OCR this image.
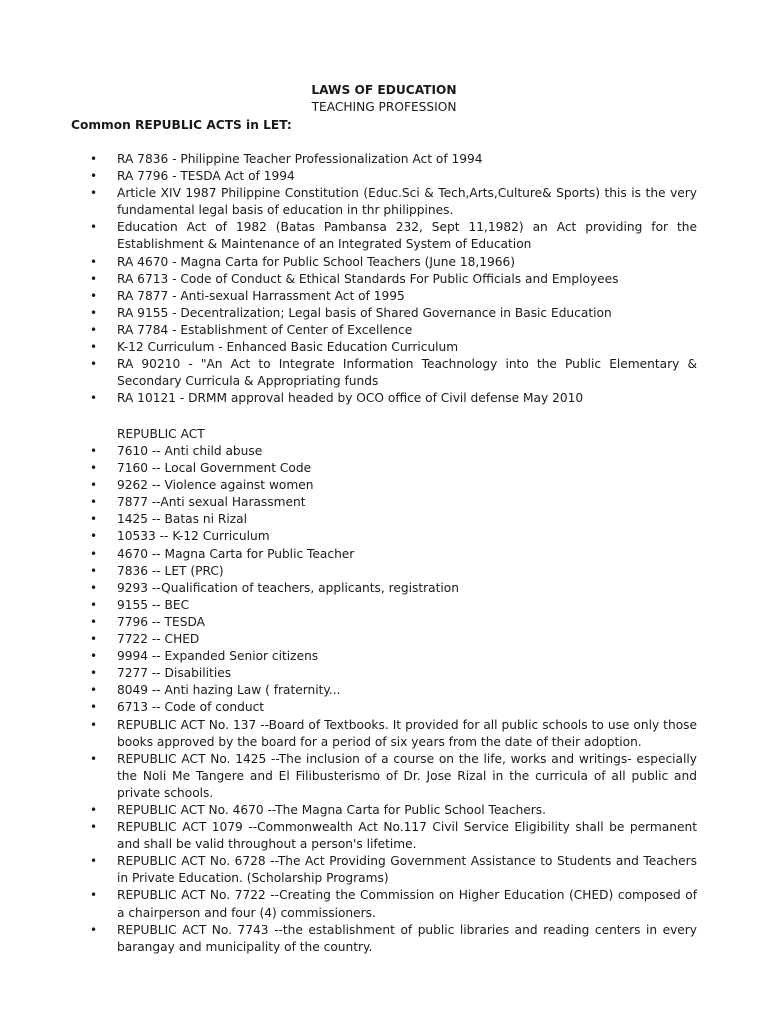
LAWS OF EDUCATION
TEACHING PROFESSION
Common REPUBLIC ACTS in LET:
• RA 7836 - Philippine Teacher Professionalization Act of 1994
• RA 7796 - TESDA Act of 1994
• Article XIV 1987 Philippine Constitution (Educ.Sci & Tech,Arts,Culture& Sports) this is the very fundamental legal basis of education in thr philippines.
• Education Act of 1982 (Batas Pambansa 232, Sept 11,1982) an Act providing for the Establishment & Maintenance of an Integrated System of Education
• RA 4670 - Magna Carta for Public School Teachers (June 18,1966)
• RA 6713 - Code of Conduct & Ethical Standards For Public Officials and Employees
• RA 7877 - Anti-sexual Harrassment Act of 1995
• RA 9155 - Decentralization; Legal basis of Shared Governance in Basic Education
• RA 7784 - Establishment of Center of Excellence
• K-12 Curriculum - Enhanced Basic Education Curriculum
• RA 90210 - "An Act to Integrate Information Teachnology into the Public Elementary & Secondary Curricula & Appropriating funds
• RA 10121 - DRMM approval headed by OCO office of Civil defense May 2010
REPUBLIC ACT
• 7610 -- Anti child abuse
• 7160 -- Local Government Code
• 9262 -- Violence against women
• 7877 --Anti sexual Harassment
• 1425 -- Batas ni Rizal
• 10533 -- K-12 Curriculum
• 4670 -- Magna Carta for Public Teacher
• 7836 -- LET (PRC)
• 9293 --Qualification of teachers, applicants, registration
• 9155 -- BEC
• 7796 -- TESDA
• 7722 -- CHED
• 9994 -- Expanded Senior citizens
• 7277 -- Disabilities
• 8049 -- Anti hazing Law ( fraternity...
• 6713 -- Code of conduct
• REPUBLIC ACT No. 137 --Board of Textbooks. It provided for all public schools to use only those books approved by the board for a period of six years from the date of their adoption.
• REPUBLIC ACT No. 1425 --The inclusion of a course on the life, works and writings- especially the Noli Me Tangere and El Filibusterismo of Dr. Jose Rizal in the curricula of all public and private schools.
• REPUBLIC ACT No. 4670 --The Magna Carta for Public School Teachers.
• REPUBLIC ACT 1079 --Commonwealth Act No.117 Civil Service Eligibility shall be permanent and shall be valid throughout a person's lifetime.
• REPUBLIC ACT No. 6728 --The Act Providing Government Assistance to Students and Teachers in Private Education. (Scholarship Programs)
• REPUBLIC ACT No. 7722 --Creating the Commission on Higher Education (CHED) composed of a chairperson and four (4) commissioners.
• REPUBLIC ACT No. 7743 --the establishment of public libraries and reading centers in every barangay and municipality of the country.
